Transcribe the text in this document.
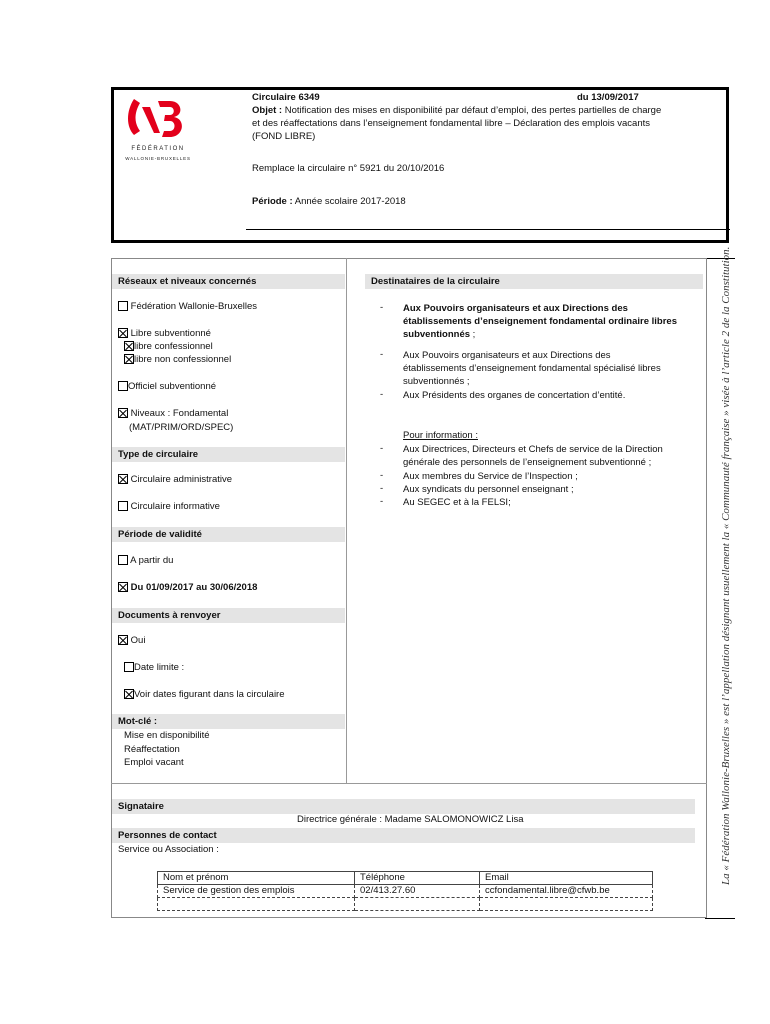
FÉDÉRATION
WALLONIE-BRUXELLES
Circulaire 6349	du 13/09/2017
Objet : Notification des mises en disponibilité par défaut d’emploi, des pertes partielles de charge
et des réaffectations dans l’enseignement fondamental libre – Déclaration des emplois vacants
(FOND LIBRE)
Remplace la circulaire n° 5921 du 20/10/2016
Période : Année scolaire 2017-2018
Réseaux et niveaux concernés
Fédération Wallonie-Bruxelles
Libre subventionné
libre confessionnel
libre non confessionnel
Officiel subventionné
Niveaux : Fondamental
(MAT/PRIM/ORD/SPEC)
Type de circulaire
Circulaire administrative
Circulaire informative
Période de validité
A partir du
Du 01/09/2017 au 30/06/2018
Documents à renvoyer
Oui
Date limite :
Voir dates figurant dans la circulaire
Mot-clé :
Mise en disponibilité
Réaffectation
Emploi vacant
Destinataires de la circulaire
-	Aux Pouvoirs organisateurs et aux Directions des
établissements d’enseignement fondamental ordinaire libres
subventionnés ;
-	Aux Pouvoirs organisateurs et aux Directions des
établissements d’enseignement fondamental spécialisé libres
subventionnés ;
-	Aux Présidents des organes de concertation d’entité.
Pour information :
-	Aux Directrices, Directeurs et Chefs de service de la Direction
générale des personnels de l’enseignement subventionné ;
-	Aux membres du Service de l’Inspection ;
-	Aux syndicats du personnel enseignant ;
-	Au SEGEC et à la FELSI;
Signataire
Directrice générale : Madame SALOMONOWICZ Lisa
Personnes de contact
Service ou Association :
Nom et prénom	Téléphone	Email
Service de gestion des emplois	02/413.27.60	ccfondamental.libre@cfwb.be

La « Fédération Wallonie-Bruxelles » est l’appellation désignant usuellement la « Communauté française » visée à l’article 2 de la Constitution.
